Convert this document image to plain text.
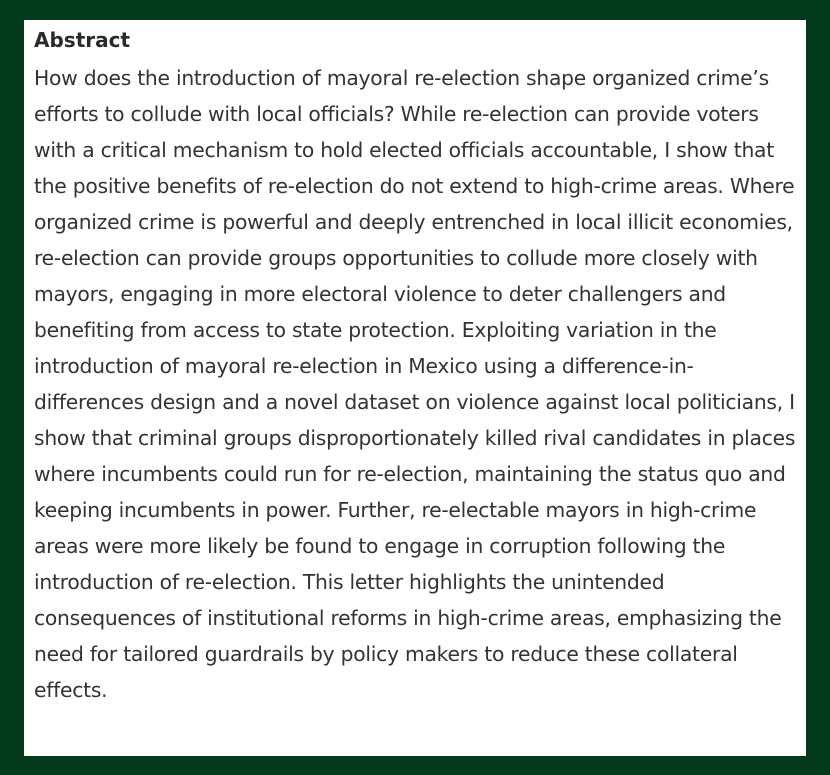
Abstract

How does the introduction of mayoral re-election shape organized crime’s efforts to collude with local officials? While re-election can provide voters with a critical mechanism to hold elected officials accountable, I show that the positive benefits of re-election do not extend to high-crime areas. Where organized crime is powerful and deeply entrenched in local illicit economies, re-election can provide groups opportunities to collude more closely with mayors, engaging in more electoral violence to deter challengers and benefiting from access to state protection. Exploiting variation in the introduction of mayoral re-election in Mexico using a difference-in-differences design and a novel dataset on violence against local politicians, I show that criminal groups disproportionately killed rival candidates in places where incumbents could run for re-election, maintaining the status quo and keeping incumbents in power. Further, re-electable mayors in high-crime areas were more likely be found to engage in corruption following the introduction of re-election. This letter highlights the unintended consequences of institutional reforms in high-crime areas, emphasizing the need for tailored guardrails by policy makers to reduce these collateral effects.
